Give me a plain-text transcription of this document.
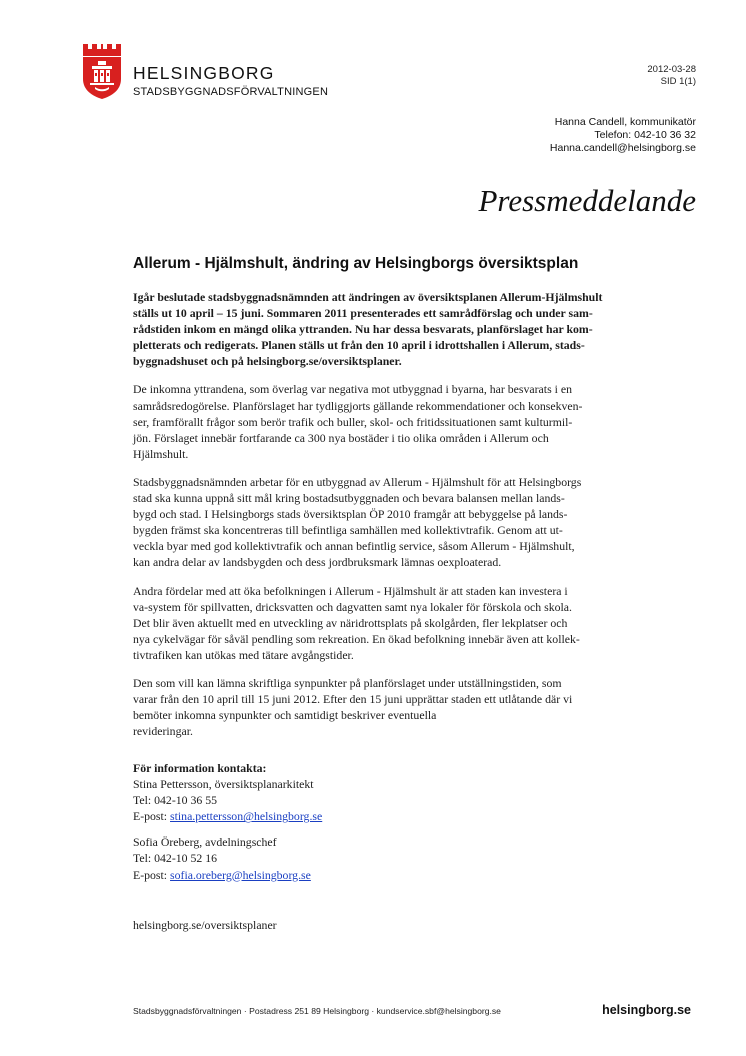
HELSINGBORG
STADSBYGGNADSFÖRVALTNINGEN
2012-03-28
SID 1(1)
Hanna Candell, kommunikatör
Telefon: 042-10 36 32
Hanna.candell@helsingborg.se
Pressmeddelande
Allerum - Hjälmshult, ändring av Helsingborgs översiktsplan

Igår beslutade stadsbyggnadsnämnden att ändringen av översiktsplanen Allerum-Hjälmshult
ställs ut 10 april – 15 juni. Sommaren 2011 presenterades ett samrådförslag och under sam-
rådstiden inkom en mängd olika yttranden. Nu har dessa besvarats, planförslaget har kom-
pletterats och redigerats. Planen ställs ut från den 10 april i idrottshallen i Allerum, stads-
byggnadshuset och på helsingborg.se/oversiktsplaner.

De inkomna yttrandena, som överlag var negativa mot utbyggnad i byarna, har besvarats i en
samrådsredogörelse. Planförslaget har tydliggjorts gällande rekommendationer och konsekven-
ser, framförallt frågor som berör trafik och buller, skol- och fritidssituationen samt kulturmil-
jön. Förslaget innebär fortfarande ca 300 nya bostäder i tio olika områden i Allerum och
Hjälmshult.

Stadsbyggnadsnämnden arbetar för en utbyggnad av Allerum - Hjälmshult för att Helsingborgs
stad ska kunna uppnå sitt mål kring bostadsutbyggnaden och bevara balansen mellan lands-
bygd och stad. I Helsingborgs stads översiktsplan ÖP 2010 framgår att bebyggelse på lands-
bygden främst ska koncentreras till befintliga samhällen med kollektivtrafik. Genom att ut-
veckla byar med god kollektivtrafik och annan befintlig service, såsom Allerum - Hjälmshult,
kan andra delar av landsbygden och dess jordbruksmark lämnas oexploaterad.

Andra fördelar med att öka befolkningen i Allerum - Hjälmshult är att staden kan investera i
va-system för spillvatten, dricksvatten och dagvatten samt nya lokaler för förskola och skola.
Det blir även aktuellt med en utveckling av näridrottsplats på skolgården, fler lekplatser och
nya cykelvägar för såväl pendling som rekreation. En ökad befolkning innebär även att kollek-
tivtrafiken kan utökas med tätare avgångstider.

Den som vill kan lämna skriftliga synpunkter på planförslaget under utställningstiden, som
varar från den 10 april till 15 juni 2012. Efter den 15 juni upprättar staden ett utlåtande där vi
bemöter inkomna synpunkter och samtidigt beskriver eventuella
revideringar.

För information kontakta:
Stina Pettersson, översiktsplanarkitekt
Tel: 042-10 36 55
E-post: stina.pettersson@helsingborg.se
Sofia Öreberg, avdelningschef
Tel: 042-10 52 16
E-post: sofia.oreberg@helsingborg.se
helsingborg.se/oversiktsplaner
Stadsbyggnadsförvaltningen · Postadress 251 89 Helsingborg · kundservice.sbf@helsingborg.se	helsingborg.se
